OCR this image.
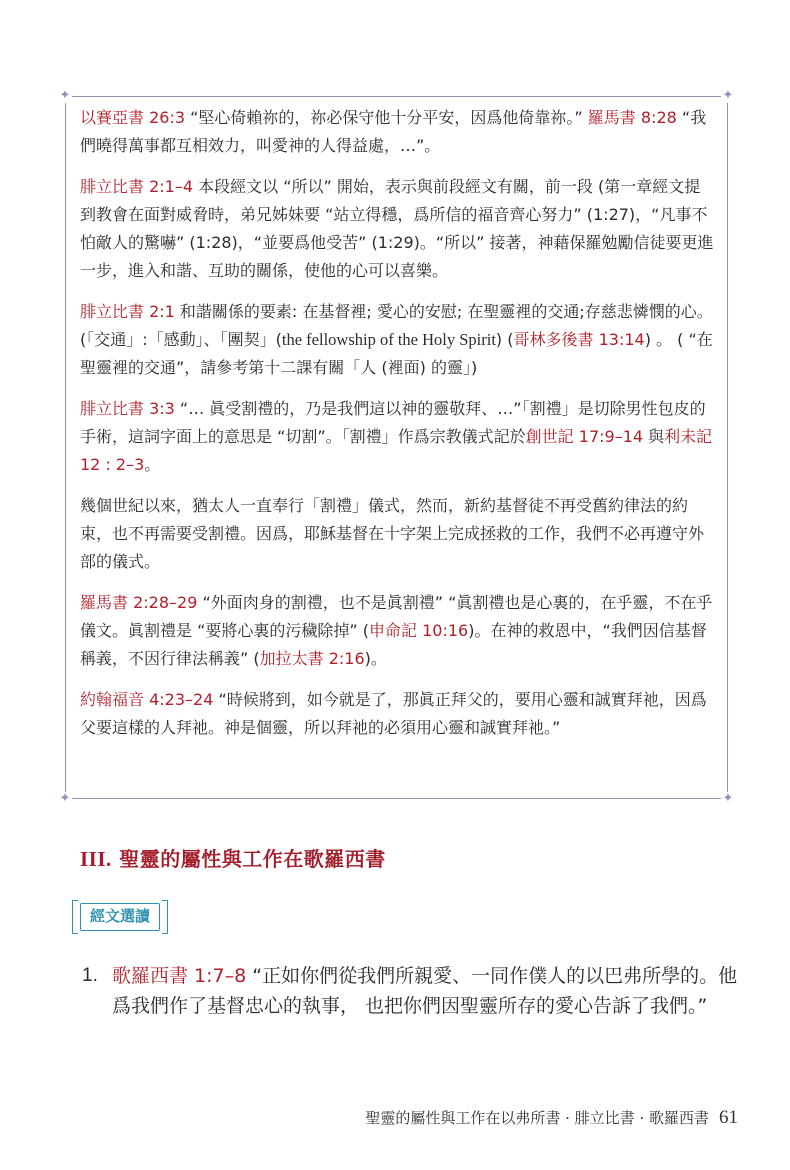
✦	✦
✦	✦

以賽亞書 26:3 “堅心倚賴祢的，祢必保守他十分平安，因爲他倚靠祢。” 羅馬書 8:28 “我們曉得萬事都互相效力，叫愛神的人得益處，…”。

腓立比書 2:1–4 本段經文以 “所以” 開始，表示與前段經文有關，前一段 (第一章經文提到教會在面對威脅時，弟兄姊妹要 “站立得穩，爲所信的福音齊心努力” (1:27)，“凡事不怕敵人的驚嚇” (1:28)，“並要爲他受苦” (1:29)。“所以” 接著，神藉保羅勉勵信徒要更進一步，進入和諧、互助的關係，使他的心可以喜樂。

腓立比書 2:1 和諧關係的要素: 在基督裡; 愛心的安慰; 在聖靈裡的交通;存慈悲憐憫的心。(「交通」:「感動」、「團契」(the fellowship of the Holy Spirit) (哥林多後書 13:14) 。 ( “在聖靈裡的交通”，請參考第十二課有關「人 (裡面) 的靈」)

腓立比書 3:3 “… 眞受割禮的，乃是我們這以神的靈敬拜、…”「割禮」是切除男性包皮的手術，這詞字面上的意思是 “切割”。「割禮」作爲宗教儀式記於創世記 17:9–14 與利未記 12 : 2–3。

幾個世紀以來，猶太人一直奉行「割禮」儀式，然而，新約基督徒不再受舊約律法的約束，也不再需要受割禮。因爲，耶穌基督在十字架上完成拯救的工作，我們不必再遵守外部的儀式。

羅馬書 2:28–29 “外面肉身的割禮，也不是眞割禮” “眞割禮也是心裏的，在乎靈，不在乎儀文。眞割禮是 “要將心裏的污穢除掉” (申命記 10:16)。在神的救恩中，“我們因信基督稱義，不因行律法稱義” (加拉太書 2:16)。

約翰福音 4:23–24 “時候將到，如今就是了，那眞正拜父的，要用心靈和誠實拜祂，因爲父要這樣的人拜祂。神是個靈，所以拜祂的必須用心靈和誠實拜祂。”

III. 聖靈的屬性與工作在歌羅西書
經文選讀
1. 歌羅西書 1:7–8 “正如你們從我們所親愛、一同作僕人的以巴弗所學的。他爲我們作了基督忠心的執事， 也把你們因聖靈所存的愛心告訴了我們。”
聖靈的屬性與工作在以弗所書 · 腓立比書 · 歌羅西書 61
